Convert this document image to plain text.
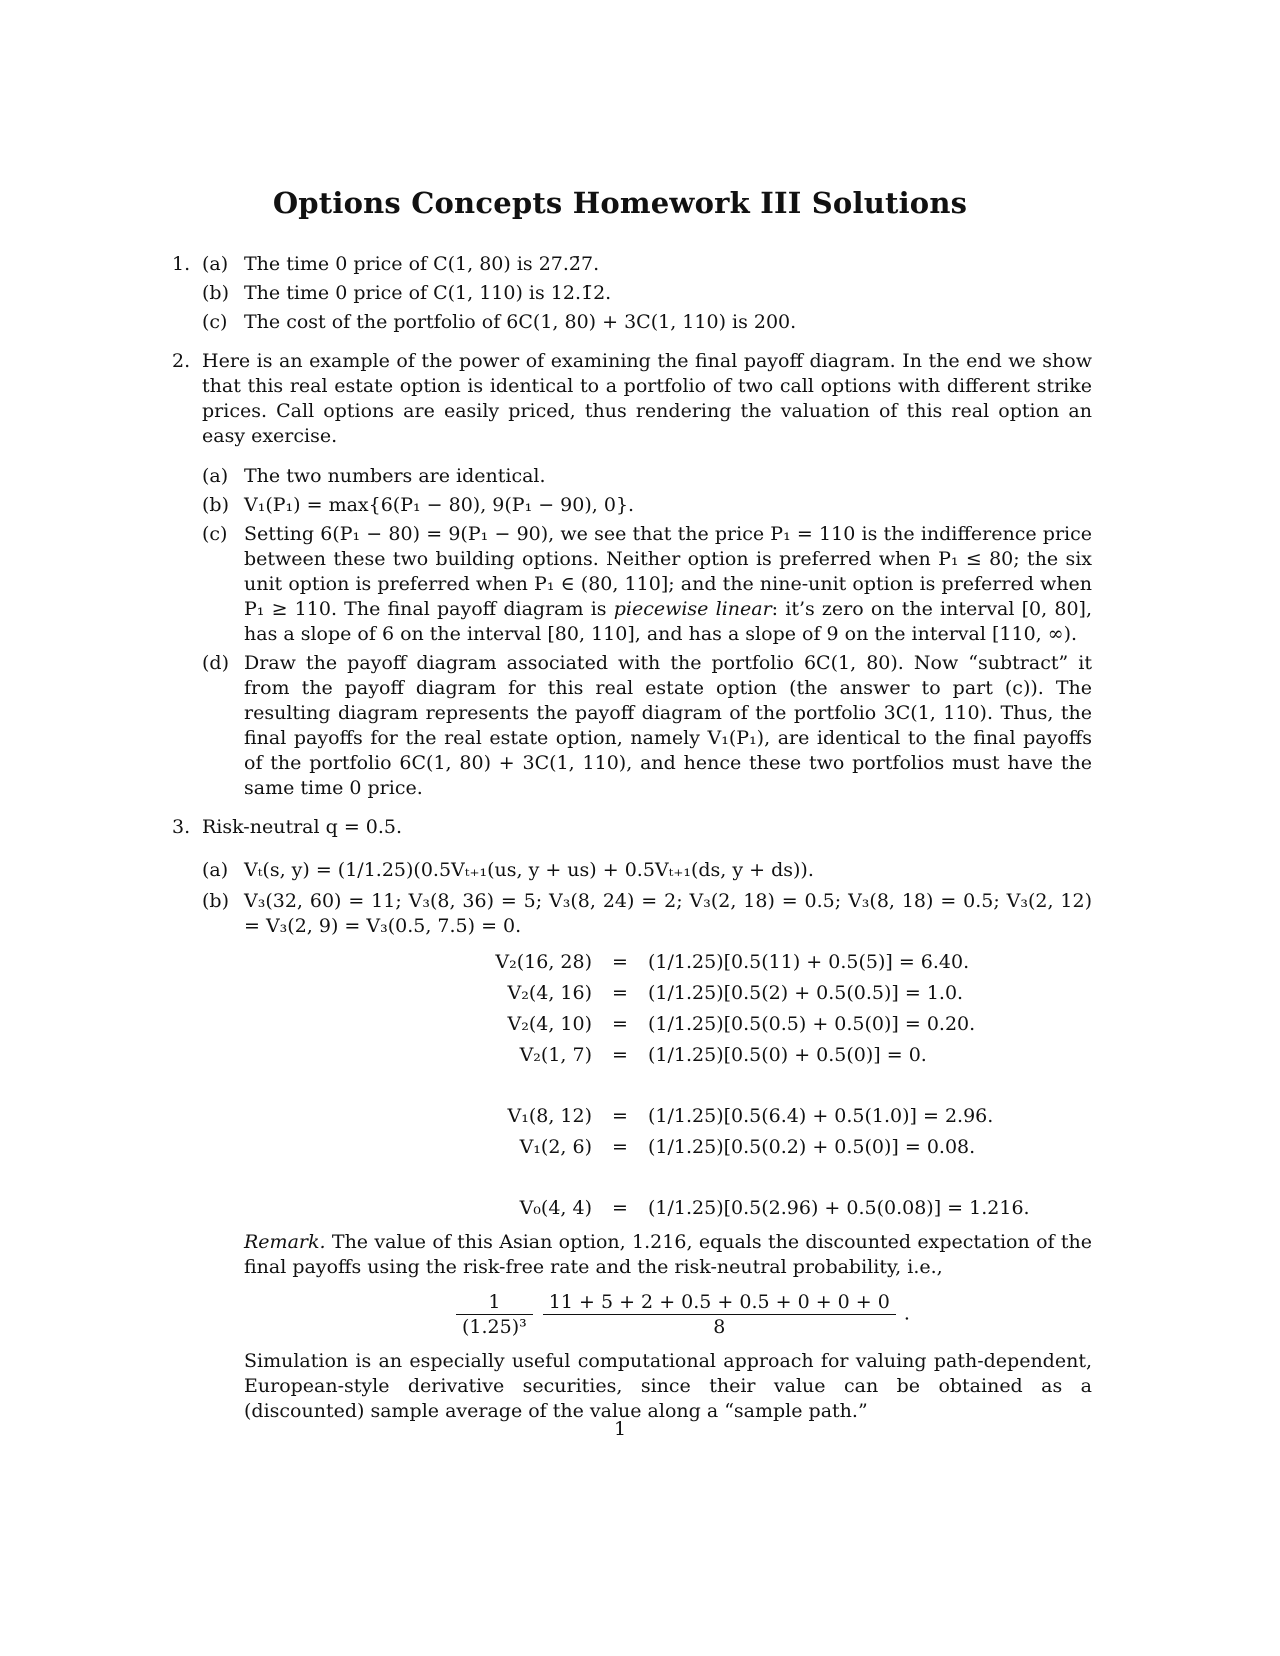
Options Concepts Homework III Solutions
1. (a) The time 0 price of C(1, 80) is 27.2̄7.
(b) The time 0 price of C(1, 110) is 12.1̄2.
(c) The cost of the portfolio of 6C(1, 80) + 3C(1, 110) is 200.
2. Here is an example of the power of examining the final payoff diagram. In the end we show that this real estate option is identical to a portfolio of two call options with different strike prices. Call options are easily priced, thus rendering the valuation of this real option an easy exercise.
(a) The two numbers are identical.
(b) V₁(P₁) = max{6(P₁ − 80), 9(P₁ − 90), 0}.
(c) Setting 6(P₁ − 80) = 9(P₁ − 90), we see that the price P₁ = 110 is the indifference price between these two building options. Neither option is preferred when P₁ ≤ 80; the six unit option is preferred when P₁ ∈ (80, 110]; and the nine-unit option is preferred when P₁ ≥ 110. The final payoff diagram is piecewise linear: it’s zero on the interval [0, 80], has a slope of 6 on the interval [80, 110], and has a slope of 9 on the interval [110, ∞).
(d) Draw the payoff diagram associated with the portfolio 6C(1, 80). Now “subtract” it from the payoff diagram for this real estate option (the answer to part (c)). The resulting diagram represents the payoff diagram of the portfolio 3C(1, 110). Thus, the final payoffs for the real estate option, namely V₁(P₁), are identical to the final payoffs of the portfolio 6C(1, 80) + 3C(1, 110), and hence these two portfolios must have the same time 0 price.
3. Risk-neutral q = 0.5.
(a) Vₜ(s, y) = (1/1.25)(0.5Vₜ₊₁(us, y + us) + 0.5Vₜ₊₁(ds, y + ds)).
(b) V₃(32, 60) = 11; V₃(8, 36) = 5; V₃(8, 24) = 2; V₃(2, 18) = 0.5; V₃(8, 18) = 0.5; V₃(2, 12) = V₃(2, 9) = V₃(0.5, 7.5) = 0.
V₂(16, 28)	=	(1/1.25)[0.5(11) + 0.5(5)] = 6.40.
V₂(4, 16)	=	(1/1.25)[0.5(2) + 0.5(0.5)] = 1.0.
V₂(4, 10)	=	(1/1.25)[0.5(0.5) + 0.5(0)] = 0.20.
V₂(1, 7)	=	(1/1.25)[0.5(0) + 0.5(0)] = 0.
V₁(8, 12)	=	(1/1.25)[0.5(6.4) + 0.5(1.0)] = 2.96.
V₁(2, 6)	=	(1/1.25)[0.5(0.2) + 0.5(0)] = 0.08.
V₀(4, 4)	=	(1/1.25)[0.5(2.96) + 0.5(0.08)] = 1.216.
Remark. The value of this Asian option, 1.216, equals the discounted expectation of the final payoffs using the risk-free rate and the risk-neutral probability, i.e.,
$\frac{1}{\text{(1.25)³}}$
$\frac{11 + 5 + 2 + 0.5 + 0.5 + 0 + 0 + 0}{8}$ .
Simulation is an especially useful computational approach for valuing path-dependent, European-style derivative securities, since their value can be obtained as a (discounted) sample average of the value along a “sample path.”
1
